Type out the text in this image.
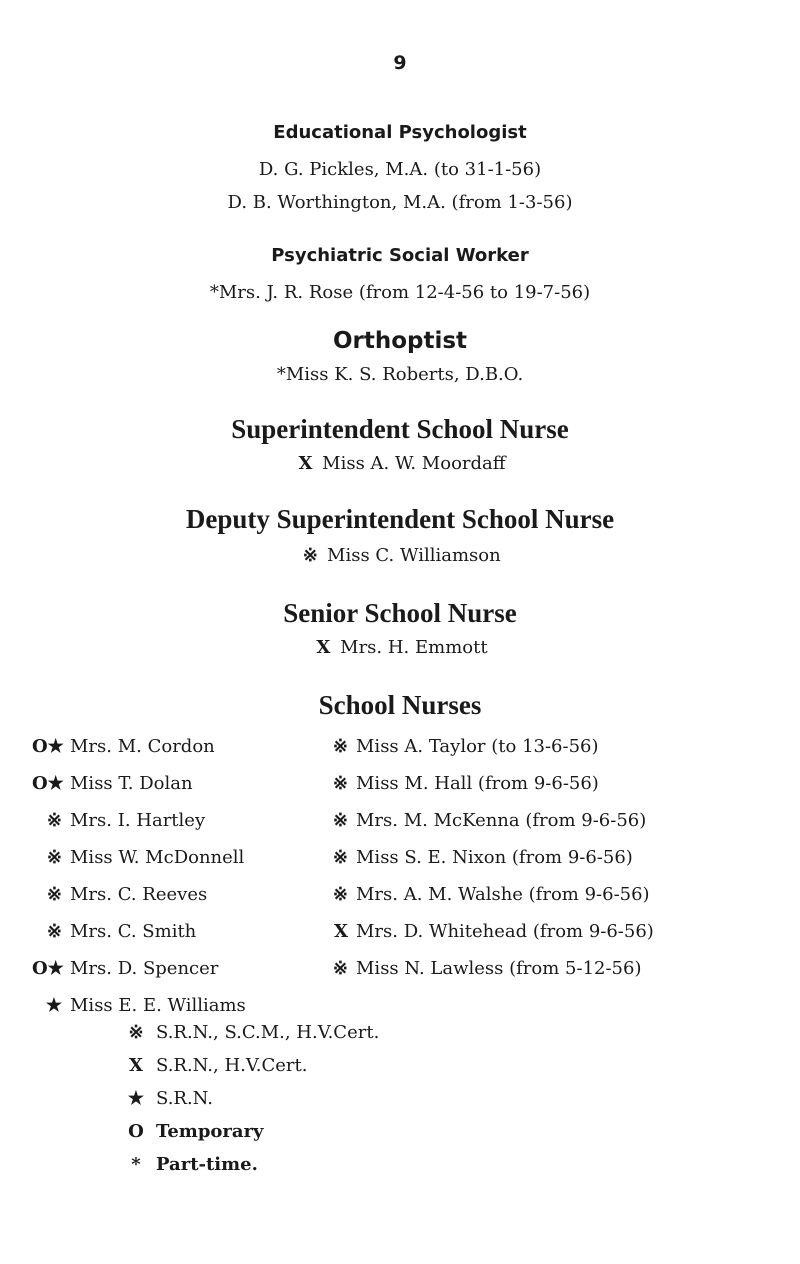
9
Educational Psychologist
D. G. Pickles, M.A. (to 31-1-56)
D. B. Worthington, M.A. (from 1-3-56)
Psychiatric Social Worker
*Mrs. J. R. Rose (from 12-4-56 to 19-7-56)
Orthoptist
*Miss K. S. Roberts, D.B.O.
Superintendent School Nurse
X Miss A. W. Moordaff
Deputy Superintendent School Nurse
※ Miss C. Williamson
Senior School Nurse
X Mrs. H. Emmott
School Nurses
O★ Mrs. M. Cordon
O★ Miss T. Dolan
※ Mrs. I. Hartley
※ Miss W. McDonnell
※ Mrs. C. Reeves
※ Mrs. C. Smith
O★ Mrs. D. Spencer
★ Miss E. E. Williams
※ Miss A. Taylor (to 13-6-56)
※ Miss M. Hall (from 9-6-56)
※ Mrs. M. McKenna (from 9-6-56)
※ Miss S. E. Nixon (from 9-6-56)
※ Mrs. A. M. Walshe (from 9-6-56)
X Mrs. D. Whitehead (from 9-6-56)
※ Miss N. Lawless (from 5-12-56)
※ S.R.N., S.C.M., H.V.Cert.
X S.R.N., H.V.Cert.
★ S.R.N.
O Temporary
* Part-time.
